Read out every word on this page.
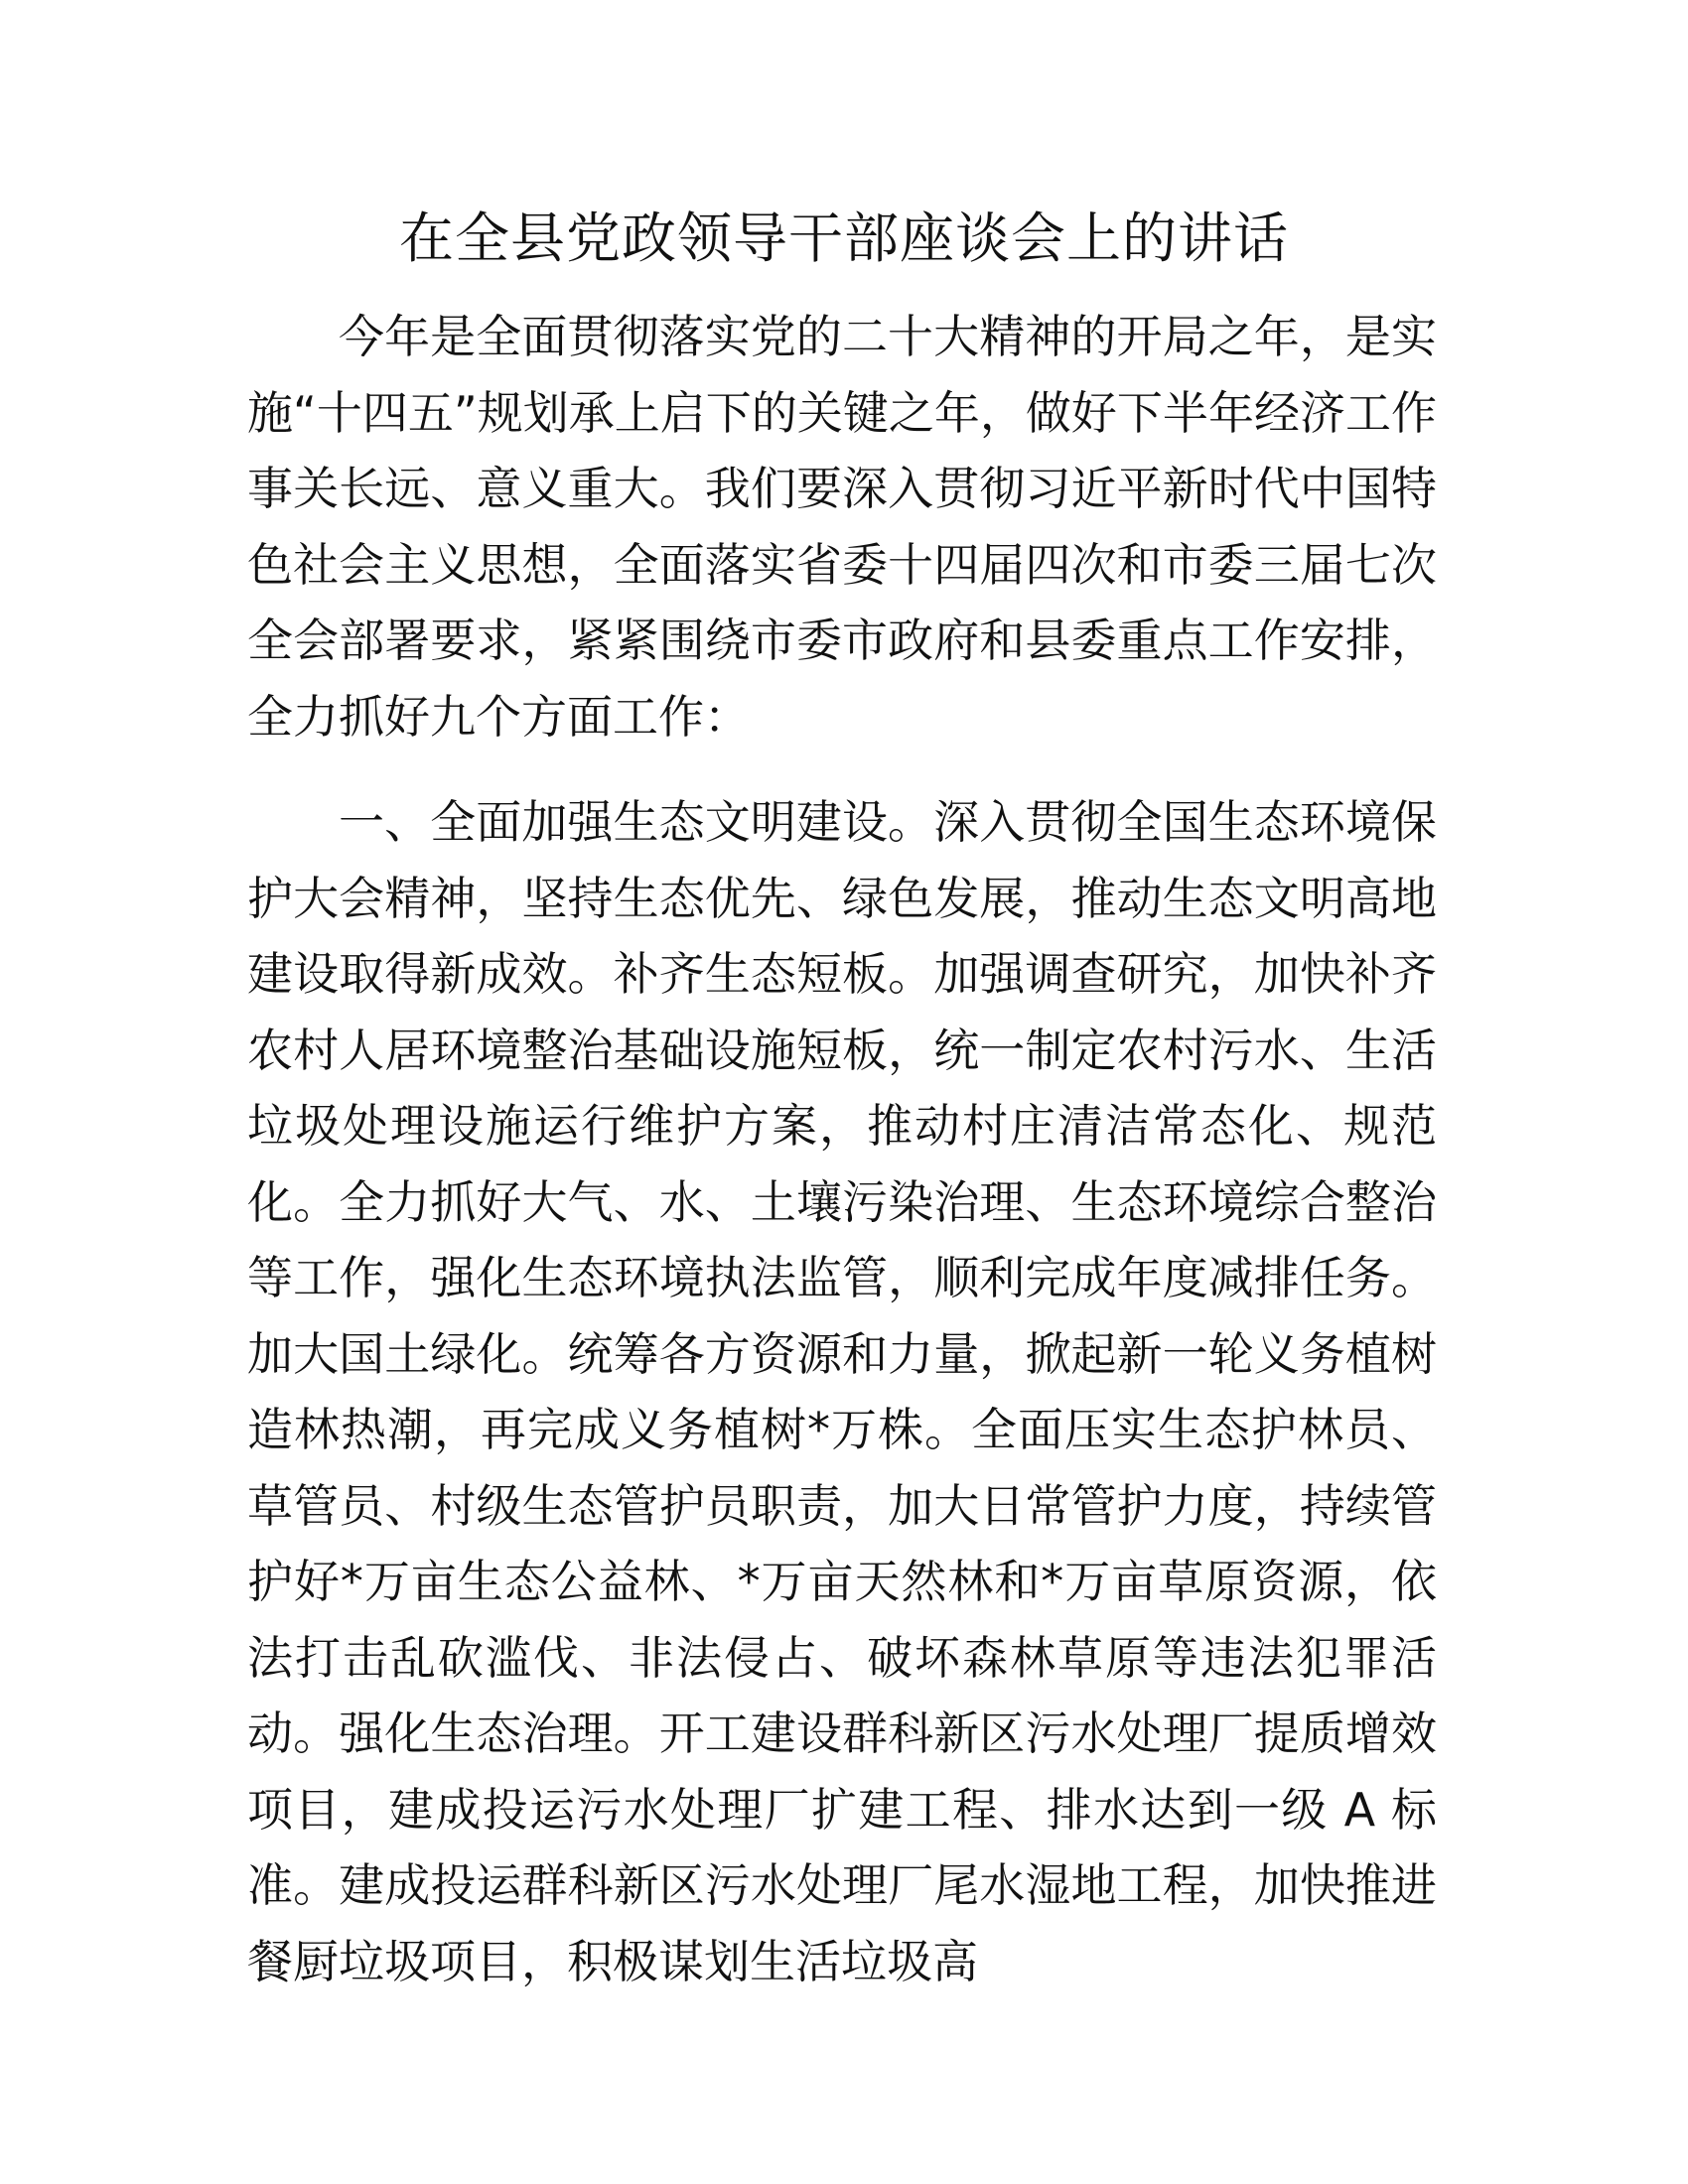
在全县党政领导干部座谈会上的讲话

今年是全面贯彻落实党的二十大精神的开局之年，是实施“十四五”规划承上启下的关键之年，做好下半年经济工作事关长远、意义重大。我们要深入贯彻习近平新时代中国特色社会主义思想，全面落实省委十四届四次和市委三届七次全会部署要求，紧紧围绕市委市政府和县委重点工作安排，全力抓好九个方面工作：

一、全面加强生态文明建设。深入贯彻全国生态环境保护大会精神，坚持生态优先、绿色发展，推动生态文明高地建设取得新成效。补齐生态短板。加强调查研究，加快补齐农村人居环境整治基础设施短板，统一制定农村污水、生活垃圾处理设施运行维护方案，推动村庄清洁常态化、规范化。全力抓好大气、水、土壤污染治理、生态环境综合整治等工作，强化生态环境执法监管，顺利完成年度减排任务。加大国土绿化。统筹各方资源和力量，掀起新一轮义务植树造林热潮，再完成义务植树*万株。全面压实生态护林员、草管员、村级生态管护员职责，加大日常管护力度，持续管护好*万亩生态公益林、*万亩天然林和*万亩草原资源，依法打击乱砍滥伐、非法侵占、破坏森林草原等违法犯罪活动。强化生态治理。开工建设群科新区污水处理厂提质增效项目，建成投运污水处理厂扩建工程、排水达到一级 A 标准。建成投运群科新区污水处理厂尾水湿地工程，加快推进餐厨垃圾项目，积极谋划生活垃圾高
